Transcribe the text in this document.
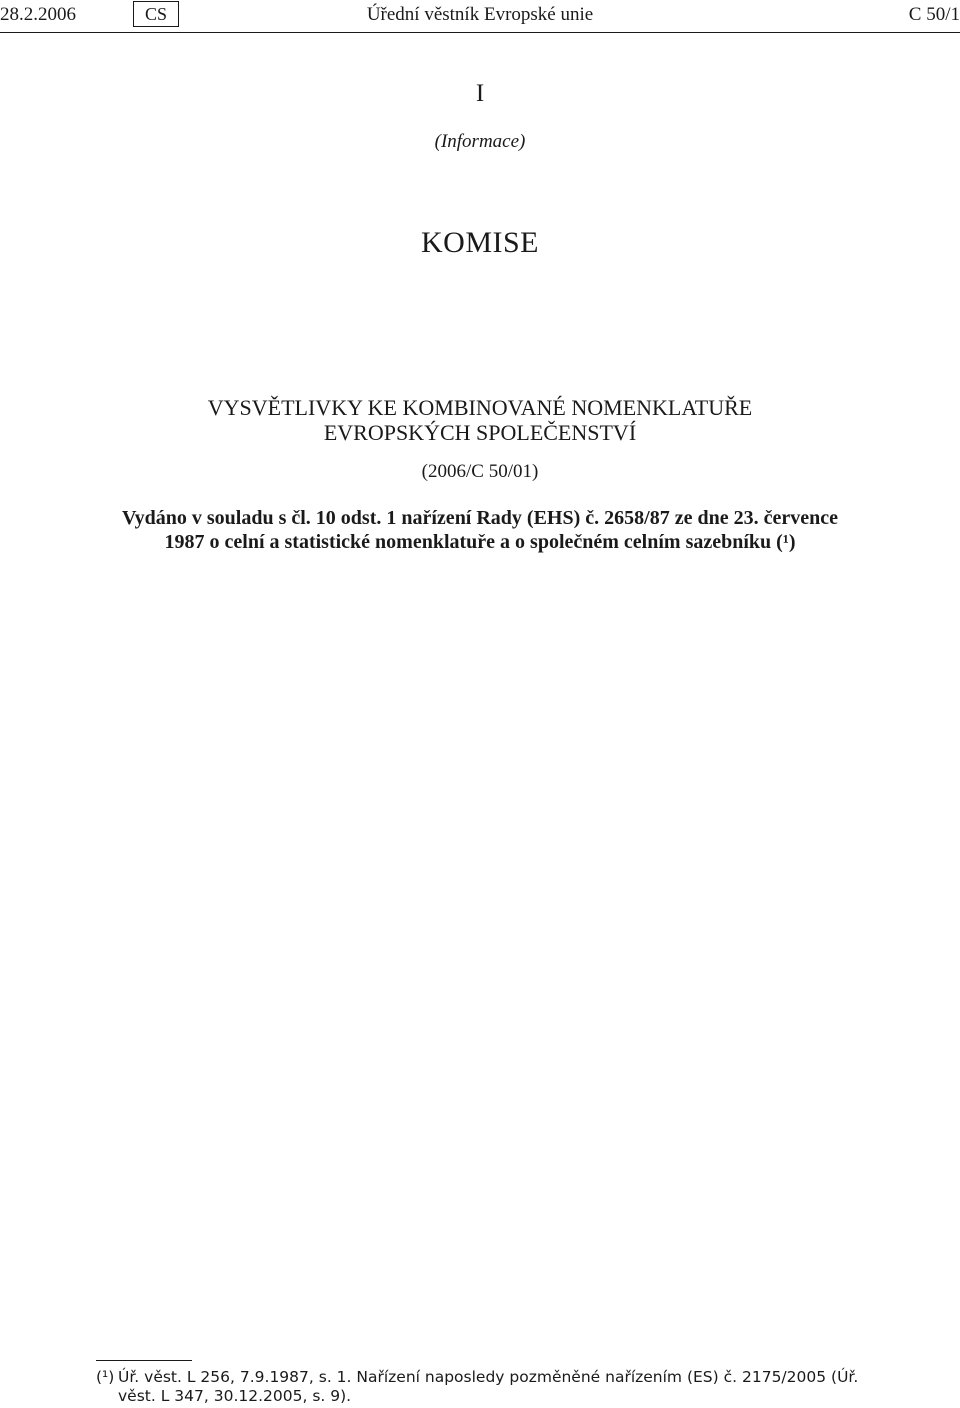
28.2.2006	CS	Úřední věstník Evropské unie	C 50/1
I
(Informace)
KOMISE
VYSVĚTLIVKY KE KOMBINOVANÉ NOMENKLATUŘE
EVROPSKÝCH SPOLEČENSTVÍ
(2006/C 50/01)
Vydáno v souladu s čl. 10 odst. 1 nařízení Rady (EHS) č. 2658/87 ze dne 23. července
1987 o celní a statistické nomenklatuře a o společném celním sazebníku (¹)
(¹) Úř. věst. L 256, 7.9.1987, s. 1. Nařízení naposledy pozměněné nařízením (ES) č. 2175/2005 (Úř. věst. L 347, 30.12.2005, s. 9).
